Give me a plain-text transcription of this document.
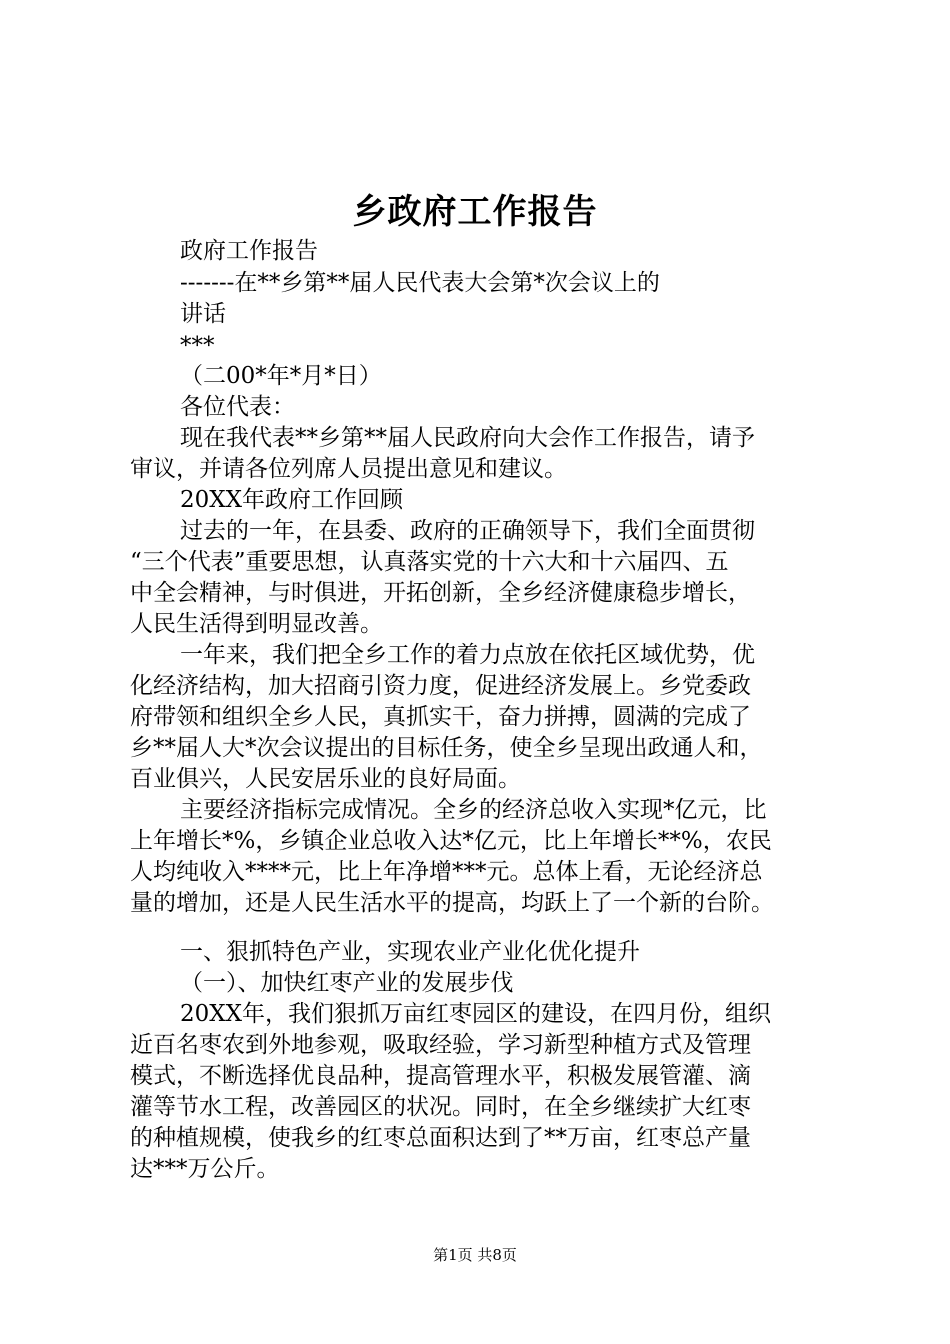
乡政府工作报告
政府工作报告
-------在**乡第**届人民代表大会第*次会议上的
讲话
***
（二00*年*月*日）
各位代表：
现在我代表**乡第**届人民政府向大会作工作报告，请予
审议，并请各位列席人员提出意见和建议。
20XX年政府工作回顾
过去的一年，在县委、政府的正确领导下，我们全面贯彻
“三个代表”重要思想，认真落实党的十六大和十六届四、五
中全会精神，与时俱进，开拓创新，全乡经济健康稳步增长，
人民生活得到明显改善。
一年来，我们把全乡工作的着力点放在依托区域优势，优
化经济结构，加大招商引资力度，促进经济发展上。乡党委政
府带领和组织全乡人民，真抓实干，奋力拼搏，圆满的完成了
乡**届人大*次会议提出的目标任务，使全乡呈现出政通人和，
百业俱兴，人民安居乐业的良好局面。
主要经济指标完成情况。全乡的经济总收入实现*亿元，比
上年增长*%，乡镇企业总收入达*亿元，比上年增长**%，农民
人均纯收入****元，比上年净增***元。总体上看，无论经济总
量的增加，还是人民生活水平的提高，均跃上了一个新的台阶。
一、狠抓特色产业，实现农业产业化优化提升
（一）、加快红枣产业的发展步伐
20XX年，我们狠抓万亩红枣园区的建设，在四月份，组织
近百名枣农到外地参观，吸取经验，学习新型种植方式及管理
模式，不断选择优良品种，提高管理水平，积极发展管灌、滴
灌等节水工程，改善园区的状况。同时，在全乡继续扩大红枣
的种植规模，使我乡的红枣总面积达到了**万亩，红枣总产量
达***万公斤。
第1页 共8页
